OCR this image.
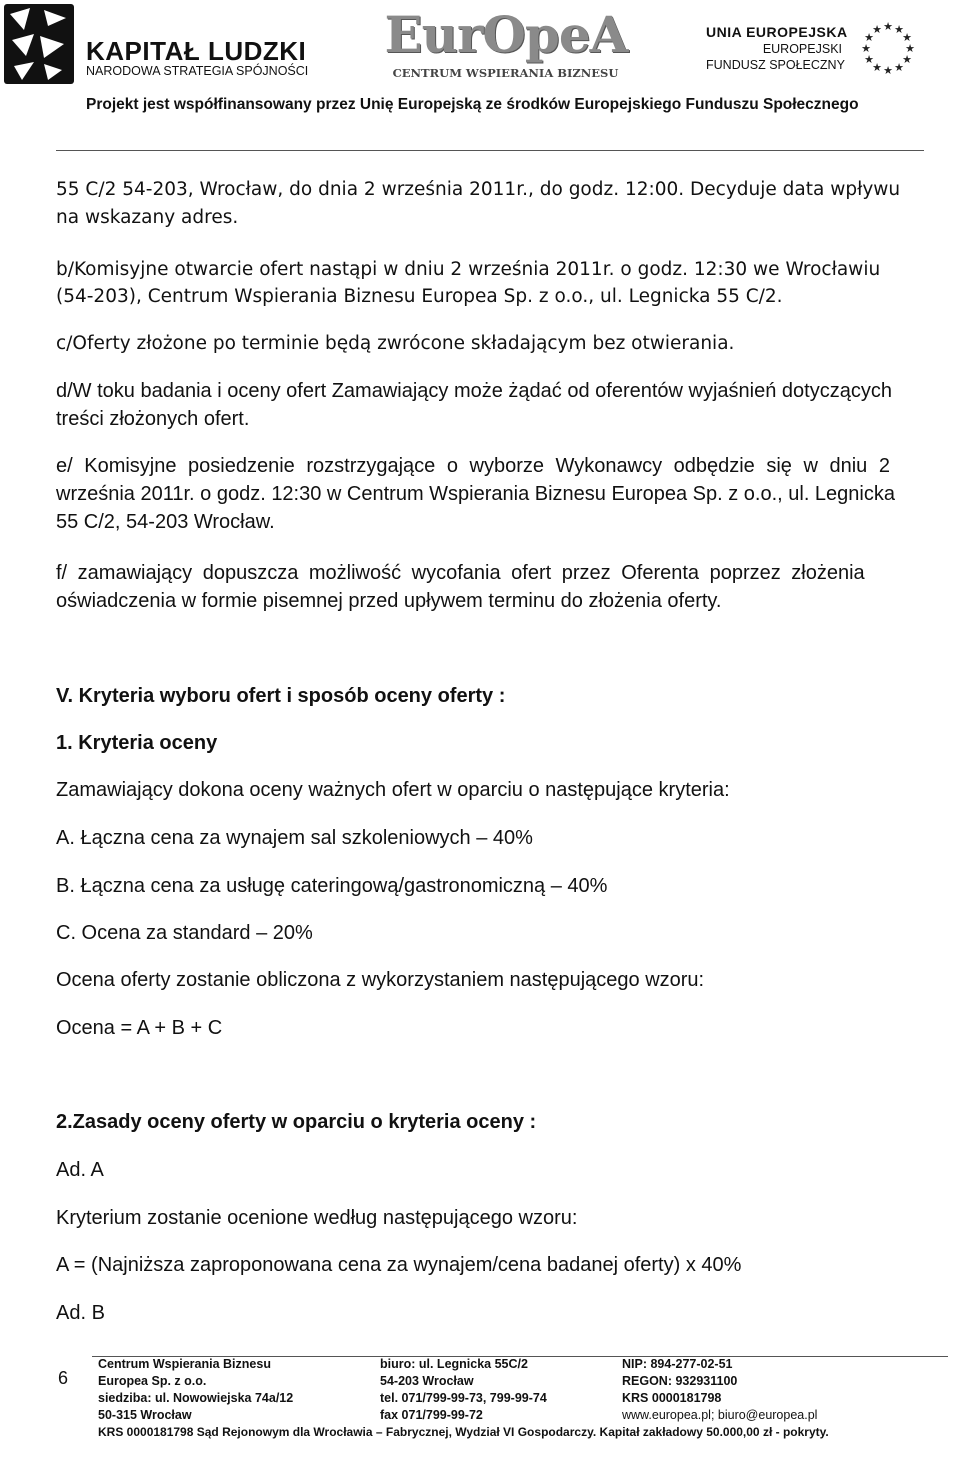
KAPITAŁ LUDZKI
NARODOWA STRATEGIA SPÓJNOŚCI
EurOpeA
CENTRUM WSPIERANIA BIZNESU
UNIA EUROPEJSKA
EUROPEJSKI
FUNDUSZ SPOŁECZNY
★ ★
★
★
★
★
★
★
★
★
★
★
Projekt jest współfinansowany przez Unię Europejską ze środków Europejskiego Funduszu Społecznego
55 C/2 54-203, Wrocław, do dnia 2 września 2011r., do godz. 12:00. Decyduje data wpływu
na wskazany adres.
b/Komisyjne otwarcie ofert nastąpi w dniu 2 września 2011r. o godz. 12:30 we Wrocławiu
(54-203), Centrum Wspierania Biznesu Europea Sp. z o.o., ul. Legnicka 55 C/2.
c/Oferty złożone po terminie będą zwrócone składającym bez otwierania.
d/W toku badania i oceny ofert Zamawiający może żądać od oferentów wyjaśnień dotyczących
treści złożonych ofert.
e/ Komisyjne posiedzenie rozstrzygające o wyborze Wykonawcy odbędzie się w dniu 2
września 2011r. o godz. 12:30 w Centrum Wspierania Biznesu Europea Sp. z o.o., ul. Legnicka
55 C/2, 54-203 Wrocław.
f/ zamawiający dopuszcza możliwość wycofania ofert przez Oferenta poprzez złożenia
oświadczenia w formie pisemnej przed upływem terminu do złożenia oferty.
V. Kryteria wyboru ofert i sposób oceny oferty :
1. Kryteria oceny
Zamawiający dokona oceny ważnych ofert w oparciu o następujące kryteria:
A. Łączna cena za wynajem sal szkoleniowych – 40%
B. Łączna cena za usługę cateringową/gastronomiczną – 40%
C. Ocena za standard – 20%
Ocena oferty zostanie obliczona z wykorzystaniem następującego wzoru:
Ocena = A + B + C
2.Zasady oceny oferty w oparciu o kryteria oceny :
Ad. A
Kryterium zostanie ocenione według następującego wzoru:
A = (Najniższa zaproponowana cena za wynajem/cena badanej oferty) x 40%
Ad. B
6
Centrum Wspierania Biznesu
Europea Sp. z o.o.
siedziba: ul. Nowowiejska 74a/12
50-315 Wrocław
biuro: ul. Legnicka 55C/2
54-203 Wrocław
tel. 071/799-99-73, 799-99-74
fax 071/799-99-72
NIP: 894-277-02-51
REGON: 932931100
KRS 0000181798
www.europea.pl; biuro@europea.pl
KRS 0000181798 Sąd Rejonowym dla Wrocławia – Fabrycznej, Wydział VI Gospodarczy. Kapitał zakładowy 50.000,00 zł - pokryty.
